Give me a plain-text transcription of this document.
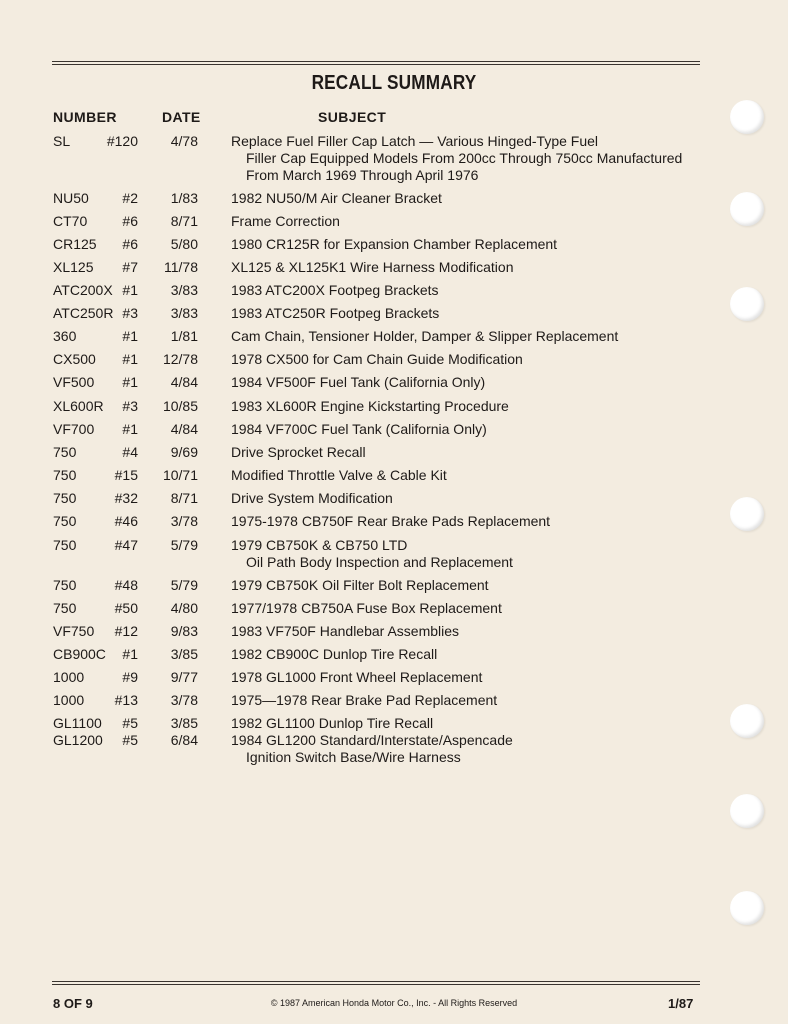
RECALL SUMMARY
NUMBER	DATE	SUBJECT
SL	#120	4/78 Replace Fuel Filler Cap Latch — Various Hinged-Type Fuel
Filler Cap Equipped Models From 200cc Through 750cc Manufactured
From March 1969 Through April 1976
NU50	#2	1/83 1982 NU50/M Air Cleaner Bracket
CT70	#6	8/71 Frame Correction
CR125	#6	5/80 1980 CR125R for Expansion Chamber Replacement
XL125	#7	11/78 XL125 & XL125K1 Wire Harness Modification
ATC200X #1	3/83 1983 ATC200X Footpeg Brackets
ATC250R #3	3/83 1983 ATC250R Footpeg Brackets
360	#1	1/81 Cam Chain, Tensioner Holder, Damper & Slipper Replacement
CX500	#1	12/78 1978 CX500 for Cam Chain Guide Modification
VF500	#1	4/84 1984 VF500F Fuel Tank (California Only)
XL600R	#3	10/85 1983 XL600R Engine Kickstarting Procedure
VF700	#1	4/84 1984 VF700C Fuel Tank (California Only)
750	#4	9/69 Drive Sprocket Recall
750	#15	10/71 Modified Throttle Valve & Cable Kit
750	#32	8/71 Drive System Modification
750	#46	3/78 1975-1978 CB750F Rear Brake Pads Replacement
750	#47	5/79 1979 CB750K & CB750 LTD
Oil Path Body Inspection and Replacement
750	#48	5/79 1979 CB750K Oil Filter Bolt Replacement
750	#50	4/80 1977/1978 CB750A Fuse Box Replacement
VF750	#12	9/83 1983 VF750F Handlebar Assemblies
CB900C	#1	3/85 1982 CB900C Dunlop Tire Recall
1000	#9	9/77 1978 GL1000 Front Wheel Replacement
1000	#13	3/78 1975—1978 Rear Brake Pad Replacement
GL1100	#5	3/85 1982 GL1100 Dunlop Tire Recall
GL1200	#5	6/84 1984 GL1200 Standard/Interstate/Aspencade
Ignition Switch Base/Wire Harness
8 OF 9	© 1987 American Honda Motor Co., Inc. - All Rights Reserved	1/87
